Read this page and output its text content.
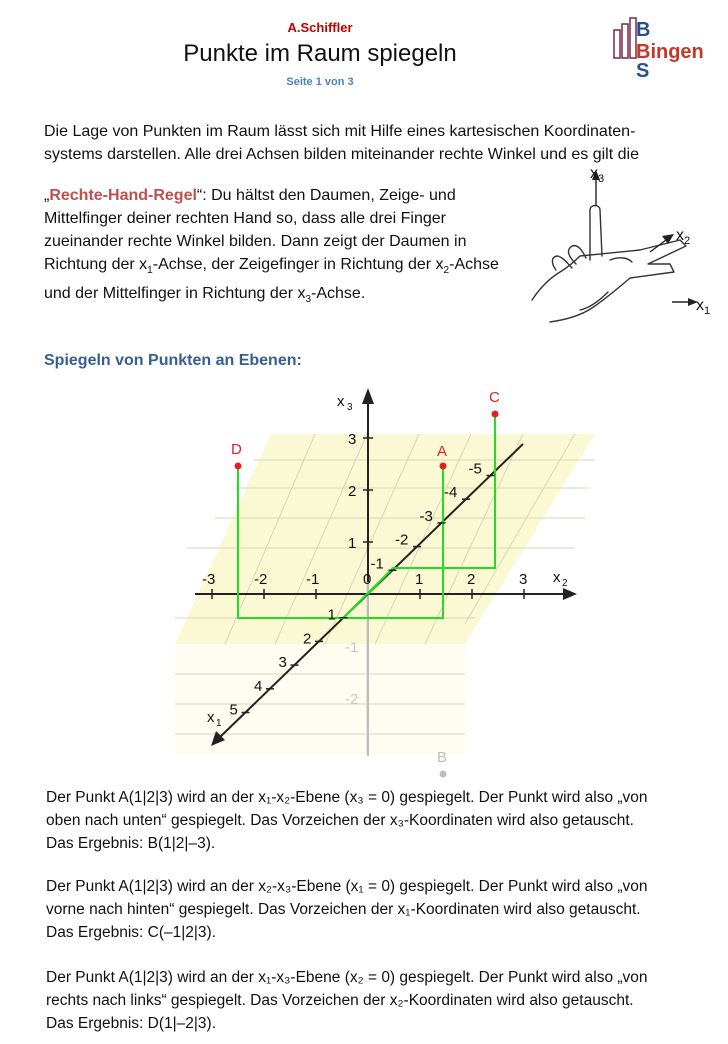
A.Schiffler
Punkte im Raum spiegeln
Seite 1 von 3
B
Bingen
S
Die Lage von Punkten im Raum lässt sich mit Hilfe eines kartesischen Koordinaten-
systems darstellen. Alle drei Achsen bilden miteinander rechte Winkel und es gilt die
„Rechte-Hand-Regel“: Du hältst den Daumen, Zeige- und Mittelfinger deiner rechten Hand so, dass alle drei Finger zueinander rechte Winkel bilden. Dann zeigt der Daumen in Richtung der $x_1$-Achse, der Zeigefinger in Richtung der $x_2$-Achse und der Mittelfinger in Richtung der $x_3$-Achse.
$x_3$
$x_2$
$x_1$
Spiegeln von Punkten an Ebenen:
-3	-2	-1	0	1	2	3
1
2
3
-1
-2
1
2
3
4
5
-1
-2
-3
-4
-5
x 3
x 2
x 1
A
C
D
B
Der Punkt A(1|2|3) wird an der x₁-x₂-Ebene (x₃ = 0) gespiegelt. Der Punkt wird also „von
oben nach unten“ gespiegelt. Das Vorzeichen der x₃-Koordinaten wird also getauscht.
Das Ergebnis: B(1|2|–3).
Der Punkt A(1|2|3) wird an der x₂-x₃-Ebene (x₁ = 0) gespiegelt. Der Punkt wird also „von
vorne nach hinten“ gespiegelt. Das Vorzeichen der x₁-Koordinaten wird also getauscht.
Das Ergebnis: C(–1|2|3).
Der Punkt A(1|2|3) wird an der x₁-x₃-Ebene (x₂ = 0) gespiegelt. Der Punkt wird also „von
rechts nach links“ gespiegelt. Das Vorzeichen der x₂-Koordinaten wird also getauscht.
Das Ergebnis: D(1|–2|3).
